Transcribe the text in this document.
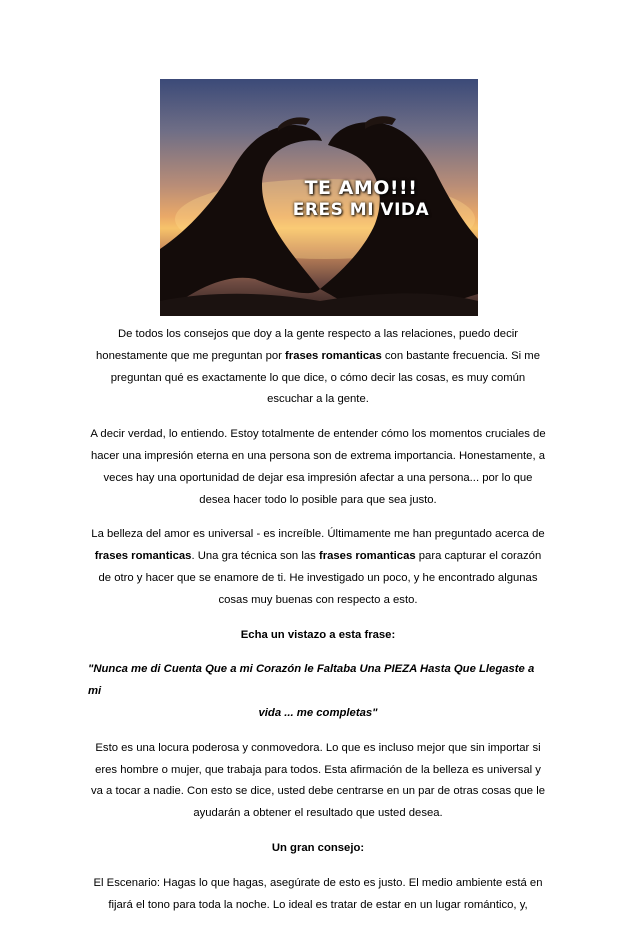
TE AMO!!!
ERES MI VIDA

De todos los consejos que doy a la gente respecto a las relaciones, puedo decir honestamente que me preguntan por frases romanticas con bastante frecuencia. Si me preguntan qué es exactamente lo que dice, o cómo decir las cosas, es muy común escuchar a la gente.

A decir verdad, lo entiendo. Estoy totalmente de entender cómo los momentos cruciales de hacer una impresión eterna en una persona son de extrema importancia. Honestamente, a veces hay una oportunidad de dejar esa impresión afectar a una persona... por lo que desea hacer todo lo posible para que sea justo.

La belleza del amor es universal - es increíble. Últimamente me han preguntado acerca de frases romanticas. Una gra técnica son las frases romanticas para capturar el corazón de otro y hacer que se enamore de ti. He investigado un poco, y he encontrado algunas cosas muy buenas con respecto a esto.

Echa un vistazo a esta frase:
"Nunca me di Cuenta Que a mi Corazón le Faltaba Una PIEZA Hasta Que Llegaste a mi
vida ... me completas"

Esto es una locura poderosa y conmovedora. Lo que es incluso mejor que sin importar si eres hombre o mujer, que trabaja para todos. Esta afirmación de la belleza es universal y va a tocar a nadie. Con esto se dice, usted debe centrarse en un par de otras cosas que le ayudarán a obtener el resultado que usted desea.

Un gran consejo:

El Escenario: Hagas lo que hagas, asegúrate de esto es justo. El medio ambiente está en fijará el tono para toda la noche. Lo ideal es tratar de estar en un lugar romántico, y,
